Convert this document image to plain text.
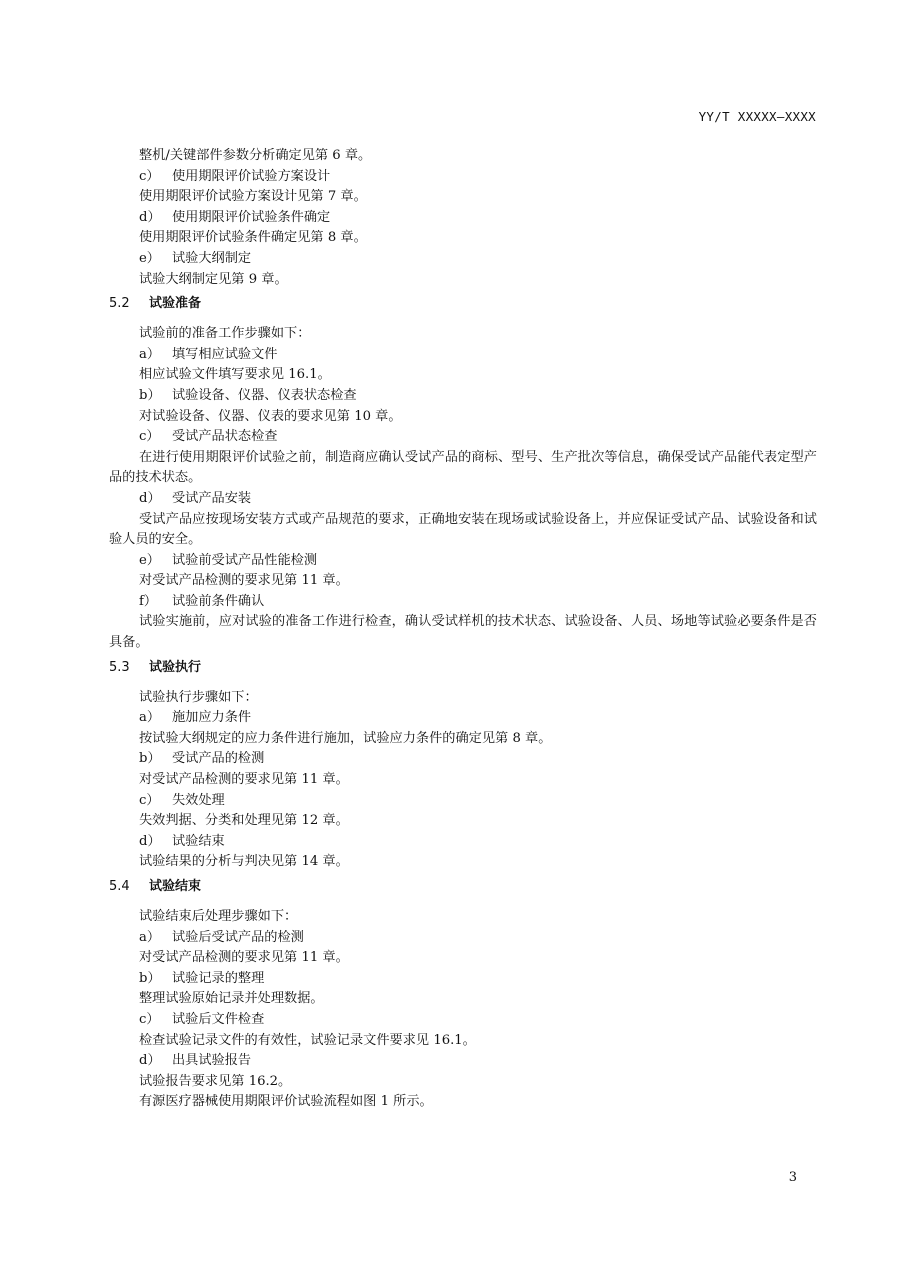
YY/T XXXXX—XXXX
整机/关键部件参数分析确定见第 6 章。
c） 使用期限评价试验方案设计
使用期限评价试验方案设计见第 7 章。
d） 使用期限评价试验条件确定
使用期限评价试验条件确定见第 8 章。
e） 试验大纲制定
试验大纲制定见第 9 章。
5.2 试验准备
试验前的准备工作步骤如下：
a） 填写相应试验文件
相应试验文件填写要求见 16.1。
b） 试验设备、仪器、仪表状态检查
对试验设备、仪器、仪表的要求见第 10 章。
c） 受试产品状态检查
在进行使用期限评价试验之前，制造商应确认受试产品的商标、型号、生产批次等信息，确保受试产品能代表定型产品的技术状态。
d） 受试产品安装
受试产品应按现场安装方式或产品规范的要求，正确地安装在现场或试验设备上，并应保证受试产品、试验设备和试验人员的安全。
e） 试验前受试产品性能检测
对受试产品检测的要求见第 11 章。
f） 试验前条件确认
试验实施前，应对试验的准备工作进行检查，确认受试样机的技术状态、试验设备、人员、场地等试验必要条件是否具备。
5.3 试验执行
试验执行步骤如下：
a） 施加应力条件
按试验大纲规定的应力条件进行施加，试验应力条件的确定见第 8 章。
b） 受试产品的检测
对受试产品检测的要求见第 11 章。
c） 失效处理
失效判据、分类和处理见第 12 章。
d） 试验结束
试验结果的分析与判决见第 14 章。
5.4 试验结束
试验结束后处理步骤如下：
a） 试验后受试产品的检测
对受试产品检测的要求见第 11 章。
b） 试验记录的整理
整理试验原始记录并处理数据。
c） 试验后文件检查
检查试验记录文件的有效性，试验记录文件要求见 16.1。
d） 出具试验报告
试验报告要求见第 16.2。
有源医疗器械使用期限评价试验流程如图 1 所示。
3
